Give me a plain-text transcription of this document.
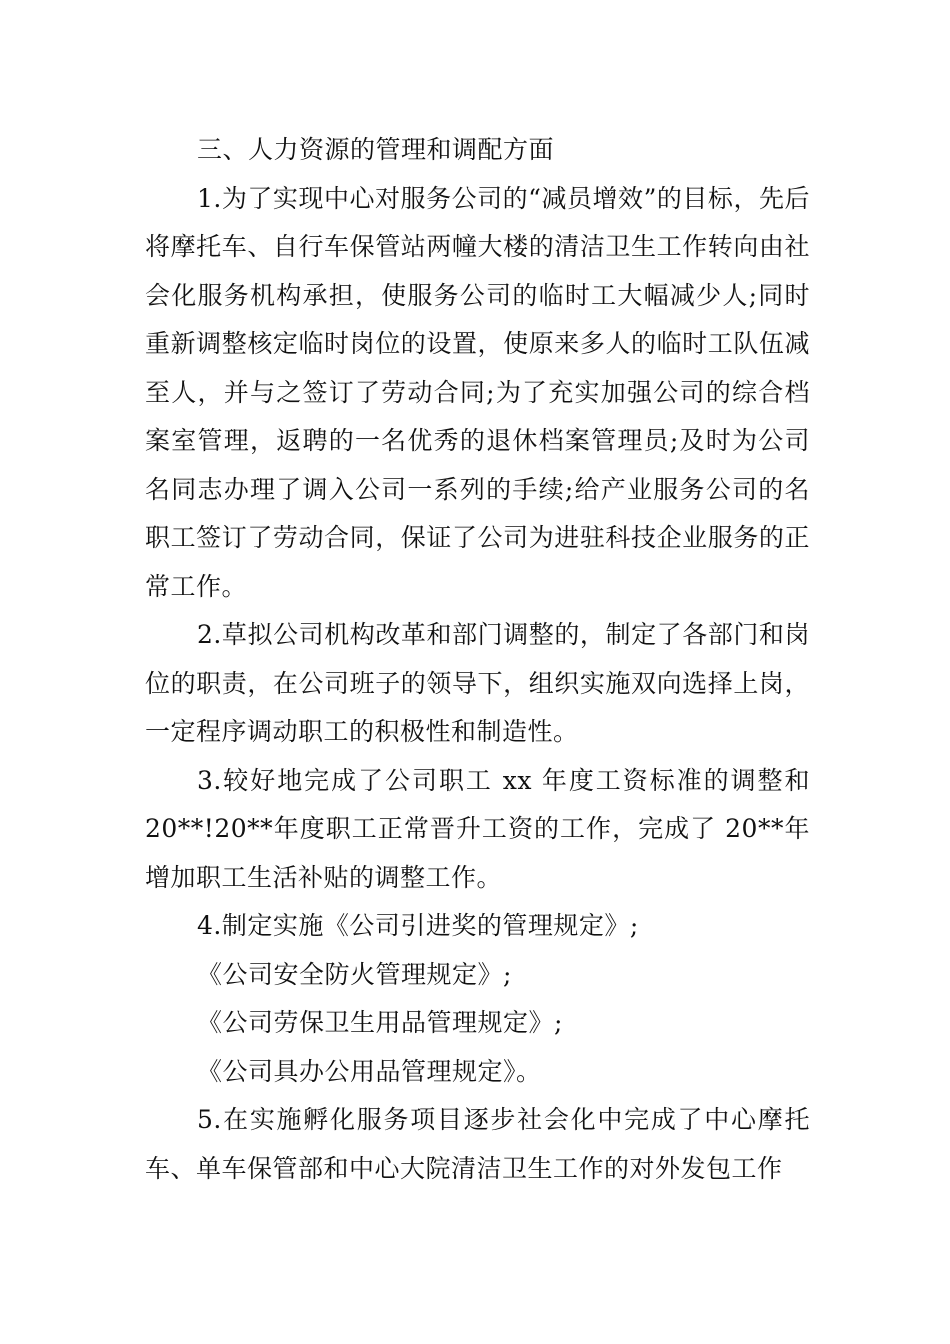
三、人力资源的管理和调配方面

1.为了实现中心对服务公司的“减员增效”的目标，先后将摩托车、自行车保管站两幢大楼的清洁卫生工作转向由社会化服务机构承担，使服务公司的临时工大幅减少人;同时重新调整核定临时岗位的设置，使原来多人的临时工队伍减至人，并与之签订了劳动合同;为了充实加强公司的综合档案室管理，返聘的一名优秀的退休档案管理员;及时为公司名同志办理了调入公司一系列的手续;给产业服务公司的名职工签订了劳动合同，保证了公司为进驻科技企业服务的正常工作。

2.草拟公司机构改革和部门调整的，制定了各部门和岗位的职责，在公司班子的领导下，组织实施双向选择上岗，一定程序调动职工的积极性和制造性。

3.较好地完成了公司职工 xx 年度工资标准的调整和20**!20**年度职工正常晋升工资的工作，完成了 20**年增加职工生活补贴的调整工作。

4.制定实施《公司引进奖的管理规定》;

《公司安全防火管理规定》;

《公司劳保卫生用品管理规定》;

《公司具办公用品管理规定》。

5.在实施孵化服务项目逐步社会化中完成了中心摩托车、单车保管部和中心大院清洁卫生工作的对外发包工作
